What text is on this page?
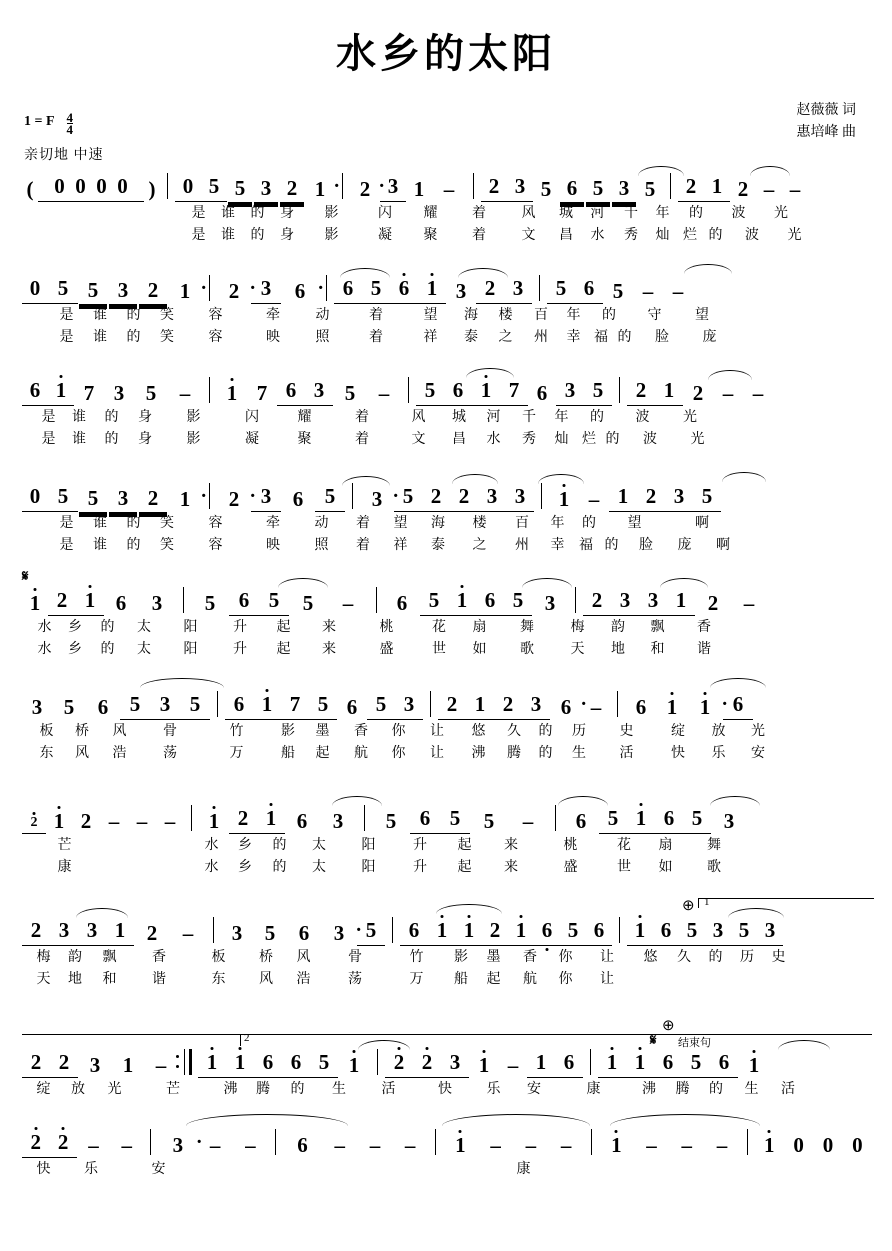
水乡的太阳
赵薇薇 词
惠培峰 曲
1 = F $\frac{4}{4}$
亲切地 中速
( 0  0  0  0 )	0 5 5 3 2 1 ·	2 · 3 1 –	2 3 5 6 5 3 5	2 1 2 – –
是 谁 的 身 影	闪 耀 着	风 城 河 千 年 的 波 光
是 谁 的 身 影	凝 聚 着	文 昌 水 秀 灿 烂 的 波 光
0 5 5 3 2	1 ·	2 ·	3	6 ·	6 5 6 1 3 2 3	5 6 5 – –
是 谁 的 笑 容	牵	动	着	望 海 楼 百 年 的 守 望
是 谁 的 笑 容	映	照	着	祥 泰 之 州 幸 福 的 脸 庞
6 1 7 3	5	–	1 7 6 3 5	–	5 6 1 7 6 3 5	2 1 2 – –
是 谁 的 身 影	闪	耀	着	风 城 河 千 年 的 波 光
是 谁 的 身 影	凝	聚	着	文 昌 水 秀 灿 烂 的 波 光
0 5 5 3 2	1 ·	2 ·	3	6	5	3 · 5 2 2 3 3	1 – 1 2 3 5
是 谁 的 笑 容	牵 动 着 望 海 楼 百 年 的 望	啊
是 谁 的 笑 容	映 照 着 祥 泰 之 州 幸 福 的 脸 庞 啊
𝄋
1 2 1 6	3	5	6 5	5	–	6	5 1 6 5	3	2 3 3 1	2	–
水 乡 的 太 阳	升 起 来	桃	花 扇 舞	梅 韵 飘 香
水 乡 的 太 阳	升 起 来	盛	世 如 歌	天 地 和 谐
3	5	6	5 3 5	6 1 7 5 6 5 3	2 1 2 3 6 · –	6 1	1 ·	6
板 桥 风	骨	竹	影 墨 香 你 让 悠 久 的 历 史	绽 放 光
东 风 浩	荡	万	船 起 航 你 让 沸 腾 的 生 活	快 乐 安
2 1 2 – – –	1 2 1 6	3	5	6 5	5	–	6	5 1 6 5	3
芒	水 乡 的 太	阳	升 起 来	桃	花 扇 舞
康	水 乡 的 太	阳	升 起 来	盛	世 如 歌
⊕ 1
2 3 3 1	2	–	3	5	6	3 ·	5	6 1 1 2 1 6 5 6	1 6 5 3 5 3
梅 韵 飘	香	板 桥 风	骨	竹 影 墨 香 你 让 悠 久 的 历 史
天 地 和	谐	东 风 浩	荡	万 船 起 航 你 让
2	𝄋
⊕
结束句
2 2 3	1	–	1 1 6 6 5 1	2 2 3 1 – 1 6	1 1 6 5 6 1
绽 放 光	芒	沸 腾 的 生	活	快 乐 安	康	沸 腾 的 生 活
2 2 –	–	3 ·	–	–	6	–	–	–	1	–	–	–	1	–	–	–	1 0 0 0
快 乐	安	康
